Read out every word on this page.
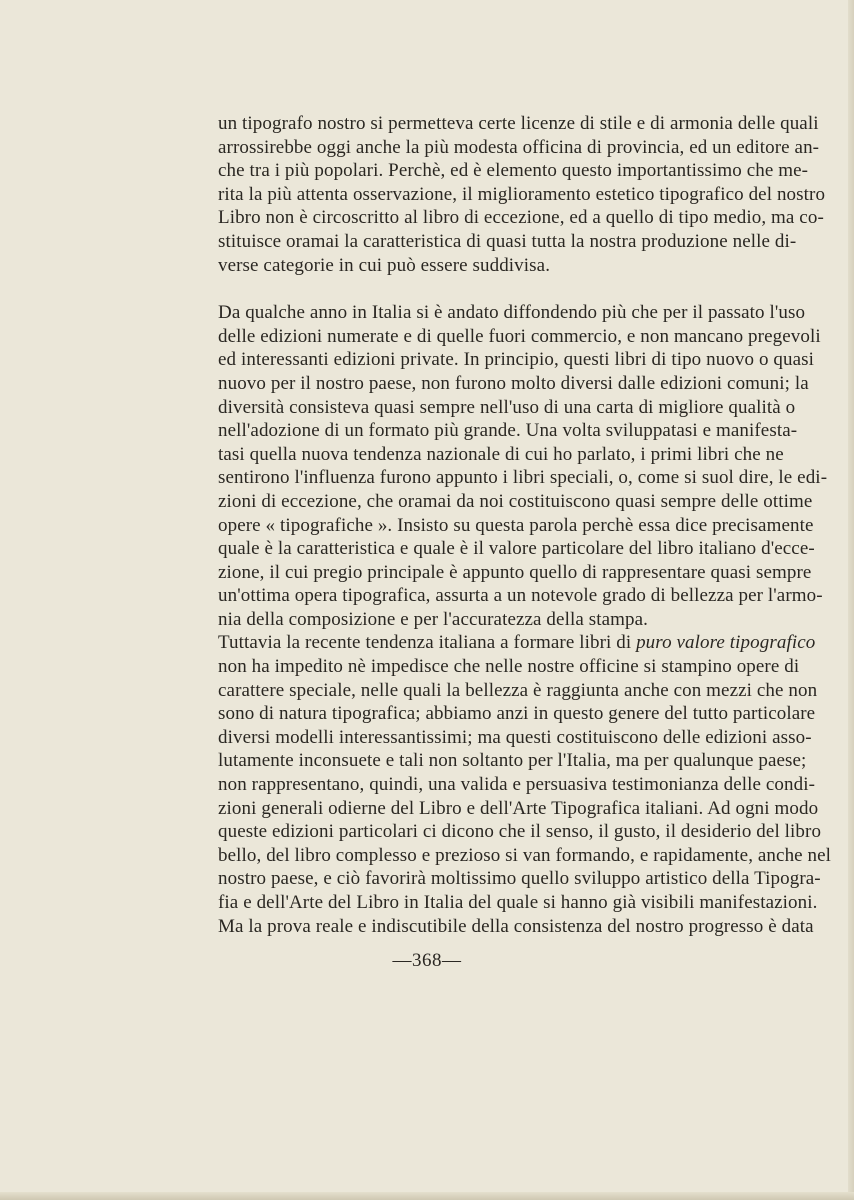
un tipografo nostro si permetteva certe licenze di stile e di armonia delle quali
arrossirebbe oggi anche la più modesta officina di provincia, ed un editore an-
che tra i più popolari. Perchè, ed è elemento questo importantissimo che me-
rita la più attenta osservazione, il miglioramento estetico tipografico del nostro
Libro non è circoscritto al libro di eccezione, ed a quello di tipo medio, ma co-
stituisce oramai la caratteristica di quasi tutta la nostra produzione nelle di-
verse categorie in cui può essere suddivisa.
Da qualche anno in Italia si è andato diffondendo più che per il passato l'uso
delle edizioni numerate e di quelle fuori commercio, e non mancano pregevoli
ed interessanti edizioni private. In principio, questi libri di tipo nuovo o quasi
nuovo per il nostro paese, non furono molto diversi dalle edizioni comuni; la
diversità consisteva quasi sempre nell'uso di una carta di migliore qualità o
nell'adozione di un formato più grande. Una volta sviluppatasi e manifesta-
tasi quella nuova tendenza nazionale di cui ho parlato, i primi libri che ne
sentirono l'influenza furono appunto i libri speciali, o, come si suol dire, le edi-
zioni di eccezione, che oramai da noi costituiscono quasi sempre delle ottime
opere « tipografiche ». Insisto su questa parola perchè essa dice precisamente
quale è la caratteristica e quale è il valore particolare del libro italiano d'ecce-
zione, il cui pregio principale è appunto quello di rappresentare quasi sempre
un'ottima opera tipografica, assurta a un notevole grado di bellezza per l'armo-
nia della composizione e per l'accuratezza della stampa.
Tuttavia la recente tendenza italiana a formare libri di puro valore tipografico
non ha impedito nè impedisce che nelle nostre officine si stampino opere di
carattere speciale, nelle quali la bellezza è raggiunta anche con mezzi che non
sono di natura tipografica; abbiamo anzi in questo genere del tutto particolare
diversi modelli interessantissimi; ma questi costituiscono delle edizioni asso-
lutamente inconsuete e tali non soltanto per l'Italia, ma per qualunque paese;
non rappresentano, quindi, una valida e persuasiva testimonianza delle condi-
zioni generali odierne del Libro e dell'Arte Tipografica italiani. Ad ogni modo
queste edizioni particolari ci dicono che il senso, il gusto, il desiderio del libro
bello, del libro complesso e prezioso si van formando, e rapidamente, anche nel
nostro paese, e ciò favorirà moltissimo quello sviluppo artistico della Tipogra-
fia e dell'Arte del Libro in Italia del quale si hanno già visibili manifestazioni.
Ma la prova reale e indiscutibile della consistenza del nostro progresso è data
—368—
